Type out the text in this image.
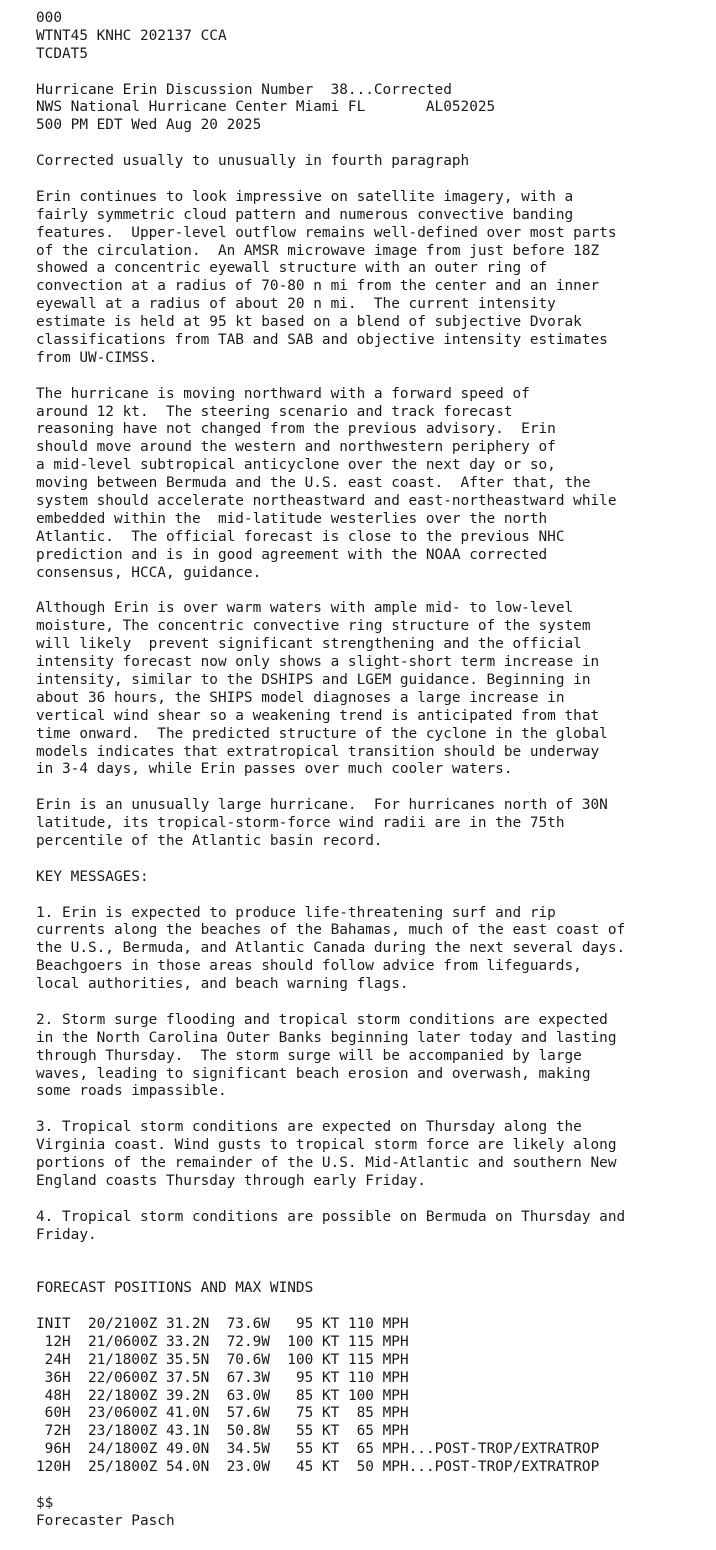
000
WTNT45 KNHC 202137 CCA
TCDAT5
Hurricane Erin Discussion Number  38...Corrected
NWS National Hurricane Center Miami FL       AL052025
500 PM EDT Wed Aug 20 2025
Corrected usually to unusually in fourth paragraph
Erin continues to look impressive on satellite imagery, with a
fairly symmetric cloud pattern and numerous convective banding
features.  Upper-level outflow remains well-defined over most parts
of the circulation.  An AMSR microwave image from just before 18Z
showed a concentric eyewall structure with an outer ring of
convection at a radius of 70-80 n mi from the center and an inner
eyewall at a radius of about 20 n mi.  The current intensity
estimate is held at 95 kt based on a blend of subjective Dvorak
classifications from TAB and SAB and objective intensity estimates
from UW-CIMSS.
The hurricane is moving northward with a forward speed of
around 12 kt.  The steering scenario and track forecast
reasoning have not changed from the previous advisory.  Erin
should move around the western and northwestern periphery of
a mid-level subtropical anticyclone over the next day or so,
moving between Bermuda and the U.S. east coast.  After that, the
system should accelerate northeastward and east-northeastward while
embedded within the  mid-latitude westerlies over the north
Atlantic.  The official forecast is close to the previous NHC
prediction and is in good agreement with the NOAA corrected
consensus, HCCA, guidance.
Although Erin is over warm waters with ample mid- to low-level
moisture, The concentric convective ring structure of the system
will likely  prevent significant strengthening and the official
intensity forecast now only shows a slight-short term increase in
intensity, similar to the DSHIPS and LGEM guidance. Beginning in
about 36 hours, the SHIPS model diagnoses a large increase in
vertical wind shear so a weakening trend is anticipated from that
time onward.  The predicted structure of the cyclone in the global
models indicates that extratropical transition should be underway
in 3-4 days, while Erin passes over much cooler waters.
Erin is an unusually large hurricane.  For hurricanes north of 30N
latitude, its tropical-storm-force wind radii are in the 75th
percentile of the Atlantic basin record.
KEY MESSAGES:
1. Erin is expected to produce life-threatening surf and rip
currents along the beaches of the Bahamas, much of the east coast of
the U.S., Bermuda, and Atlantic Canada during the next several days.
Beachgoers in those areas should follow advice from lifeguards,
local authorities, and beach warning flags.
2. Storm surge flooding and tropical storm conditions are expected
in the North Carolina Outer Banks beginning later today and lasting
through Thursday.  The storm surge will be accompanied by large
waves, leading to significant beach erosion and overwash, making
some roads impassible.
3. Tropical storm conditions are expected on Thursday along the
Virginia coast. Wind gusts to tropical storm force are likely along
portions of the remainder of the U.S. Mid-Atlantic and southern New
England coasts Thursday through early Friday.
4. Tropical storm conditions are possible on Bermuda on Thursday and
Friday.
FORECAST POSITIONS AND MAX WINDS
INIT 20/2100Z 31.2N  73.6W   95 KT 110 MPH
12H 21/0600Z 33.2N  72.9W  100 KT 115 MPH
24H 21/1800Z 35.5N  70.6W  100 KT 115 MPH
36H 22/0600Z 37.5N  67.3W   95 KT 110 MPH
48H 22/1800Z 39.2N  63.0W   85 KT 100 MPH
60H 23/0600Z 41.0N  57.6W   75 KT  85 MPH
72H 23/1800Z 43.1N  50.8W   55 KT  65 MPH
96H 24/1800Z 49.0N  34.5W   55 KT  65 MPH...POST-TROP/EXTRATROP
120H 25/1800Z 54.0N  23.0W   45 KT  50 MPH...POST-TROP/EXTRATROP
$$
Forecaster Pasch
